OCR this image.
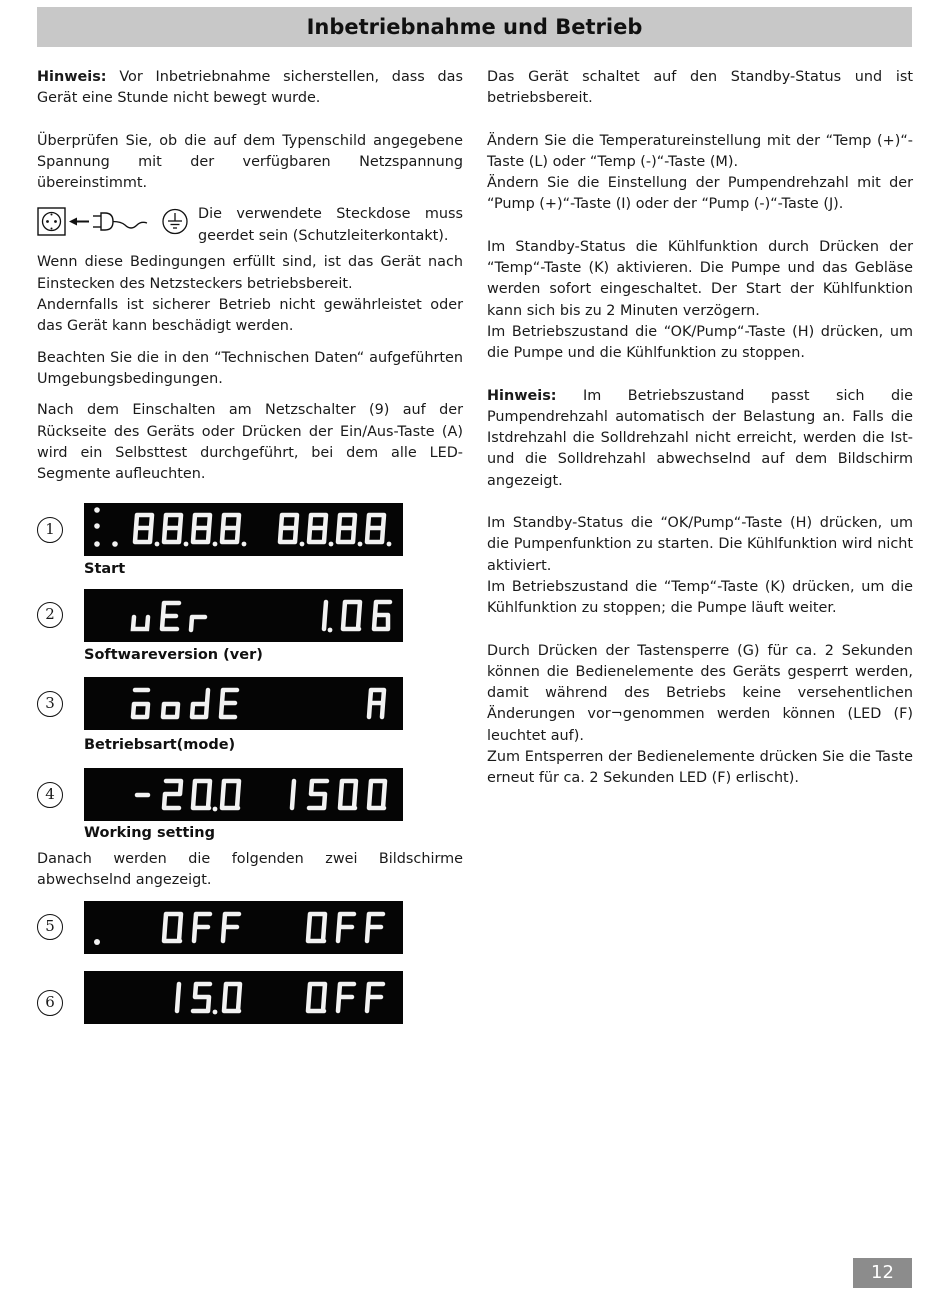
Inbetriebnahme und Betrieb

Hinweis: Vor Inbetriebnahme sicherstellen, dass das Gerät eine Stunde nicht bewegt wurde.

Überprüfen Sie, ob die auf dem Typenschild angegebene Spannung mit der verfügbaren Netzspannung übereinstimmt.

Die verwendete Steckdose muss geerdet sein (Schutzleiterkontakt).

Wenn diese Bedingungen erfüllt sind, ist das Gerät nach Einstecken des Netzsteckers betriebsbereit.

Andernfalls ist sicherer Betrieb nicht gewährleistet oder das Gerät kann beschädigt werden.

Beachten Sie die in den “Technischen Daten“ aufgeführten Umgebungsbedingungen.

Nach dem Einschalten am Netzschalter (9) auf der Rückseite des Geräts oder Drücken der Ein/Aus-Taste (A) wird ein Selbsttest durchgeführt, bei dem alle LED-Segmente aufleuchten.

1
Start
2
Softwareversion (ver)
3
Betriebsart(mode)
4
Working setting

Danach werden die folgenden zwei Bildschirme abwechselnd angezeigt.

5
6

Das Gerät schaltet auf den Standby-Status und ist betriebsbereit.

Ändern Sie die Temperatureinstellung mit der “Temp (+)“-Taste (L) oder “Temp (-)“-Taste (M).

Ändern Sie die Einstellung der Pumpendrehzahl mit der “Pump (+)“-Taste (I) oder der “Pump (-)“-Taste (J).

Im Standby-Status die Kühlfunktion durch Drücken der “Temp“-Taste (K) aktivieren. Die Pumpe und das Gebläse werden sofort eingeschaltet. Der Start der Kühlfunktion kann sich bis zu 2 Minuten verzögern.

Im Betriebszustand die “OK/Pump“-Taste (H) drücken, um die Pumpe und die Kühlfunktion zu stoppen.

Hinweis: Im Betriebszustand passt sich die Pumpendrehzahl automatisch der Belastung an. Falls die Istdrehzahl die Solldrehzahl nicht erreicht, werden die Ist- und die Solldrehzahl abwechselnd auf dem Bildschirm angezeigt.

Im Standby-Status die “OK/Pump“-Taste (H) drücken, um die Pumpenfunktion zu starten. Die Kühlfunktion wird nicht aktiviert.

Im Betriebszustand die “Temp“-Taste (K) drücken, um die Kühlfunktion zu stoppen; die Pumpe läuft weiter.

Durch Drücken der Tastensperre (G) für ca. 2 Sekunden können die Bedienelemente des Geräts gesperrt werden, damit während des Betriebs keine versehentlichen Änderungen vor¬genommen werden können (LED (F) leuchtet auf).

Zum Entsperren der Bedienelemente drücken Sie die Taste erneut für ca. 2 Sekunden LED (F) erlischt).

12
